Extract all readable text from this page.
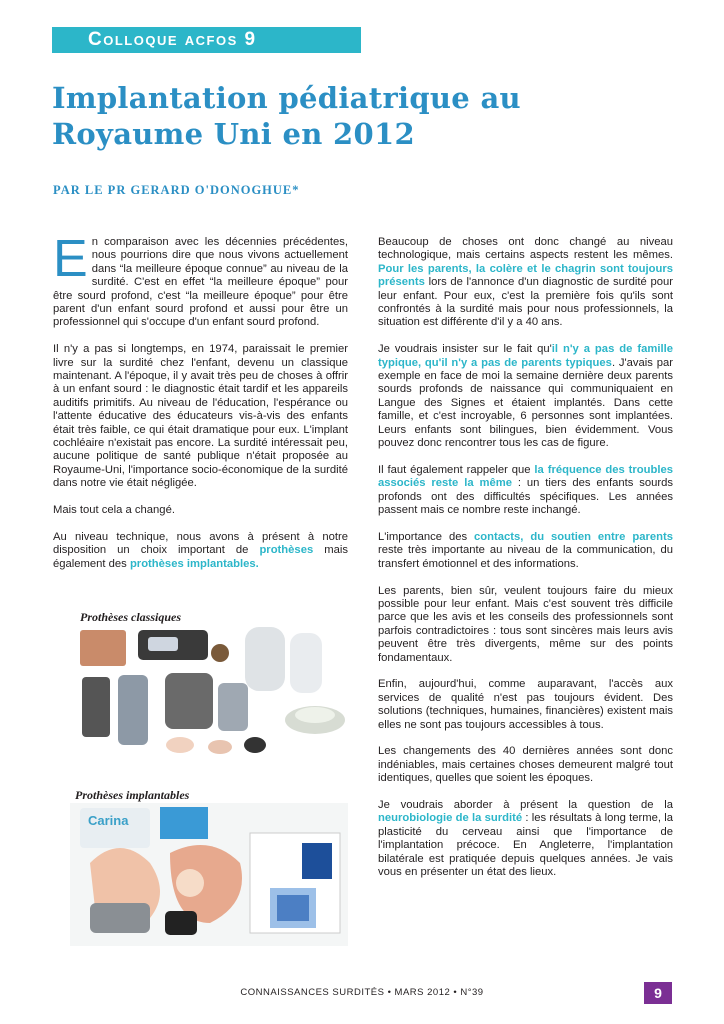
Colloque acfos 9
Implantation pédiatrique au Royaume Uni en 2012
PAR LE PR GERARD O'DONOGHUE*

En comparaison avec les décennies précédentes, nous pourrions dire que nous vivons actuellement dans “la meilleure époque connue” au niveau de la surdité. C'est en effet “la meilleure époque” pour être sourd profond, c'est “la meilleure époque” pour être parent d'un enfant sourd profond et aussi pour être un professionnel qui s'occupe d'un enfant sourd profond.

Il n'y a pas si longtemps, en 1974, paraissait le premier livre sur la surdité chez l'enfant, devenu un classique maintenant. A l'époque, il y avait très peu de choses à offrir à un enfant sourd : le diagnostic était tardif et les appareils auditifs primitifs. Au niveau de l'éducation, l'espérance ou l'attente éducative des éducateurs vis-à-vis des enfants était très faible, ce qui était dramatique pour eux. L'implant cochléaire n'existait pas encore. La surdité intéressait peu, aucune politique de santé publique n'était proposée au Royaume-Uni, l'importance socio-économique de la surdité dans notre vie était négligée.

Mais tout cela a changé.

Au niveau technique, nous avons à présent à notre disposition un choix important de prothèses mais également des prothèses implantables.

Prothèses classiques
Prothèses implantables
Carina

Beaucoup de choses ont donc changé au niveau technologique, mais certains aspects restent les mêmes. Pour les parents, la colère et le chagrin sont toujours présents lors de l'annonce d'un diagnostic de surdité pour leur enfant. Pour eux, c'est la première fois qu'ils sont confrontés à la surdité mais pour nous professionnels, la situation est différente d'il y a 40 ans.

Je voudrais insister sur le fait qu'il n'y a pas de famille typique, qu'il n'y a pas de parents typiques. J'avais par exemple en face de moi la semaine dernière deux parents sourds profonds de naissance qui communiquaient en Langue des Signes et étaient implantés. Dans cette famille, et c'est incroyable, 6 personnes sont implantées. Leurs enfants sont bilingues, bien évidemment. Vous pouvez donc rencontrer tous les cas de figure.

Il faut également rappeler que la fréquence des troubles associés reste la même : un tiers des enfants sourds profonds ont des difficultés spécifiques. Les années passent mais ce nombre reste inchangé.

L'importance des contacts, du soutien entre parents reste très importante au niveau de la communication, du transfert émotionnel et des informations.

Les parents, bien sûr, veulent toujours faire du mieux possible pour leur enfant. Mais c'est souvent très difficile parce que les avis et les conseils des professionnels sont parfois contradictoires : tous sont sincères mais leurs avis peuvent être très divergents, même sur des points fondamentaux.

Enfin, aujourd'hui, comme auparavant, l'accès aux services de qualité n'est pas toujours évident. Des solutions (techniques, humaines, financières) existent mais elles ne sont pas toujours accessibles à tous.

Les changements des 40 dernières années sont donc indéniables, mais certaines choses demeurent malgré tout identiques, quelles que soient les époques.

Je voudrais aborder à présent la question de la neurobiologie de la surdité : les résultats à long terme, la plasticité du cerveau ainsi que l'importance de l'implantation précoce. En Angleterre, l'implantation bilatérale est pratiquée depuis quelques années. Je vais vous en présenter un état des lieux.

CONNAISSANCES SURDITÉS • MARS 2012 • N°39	9
